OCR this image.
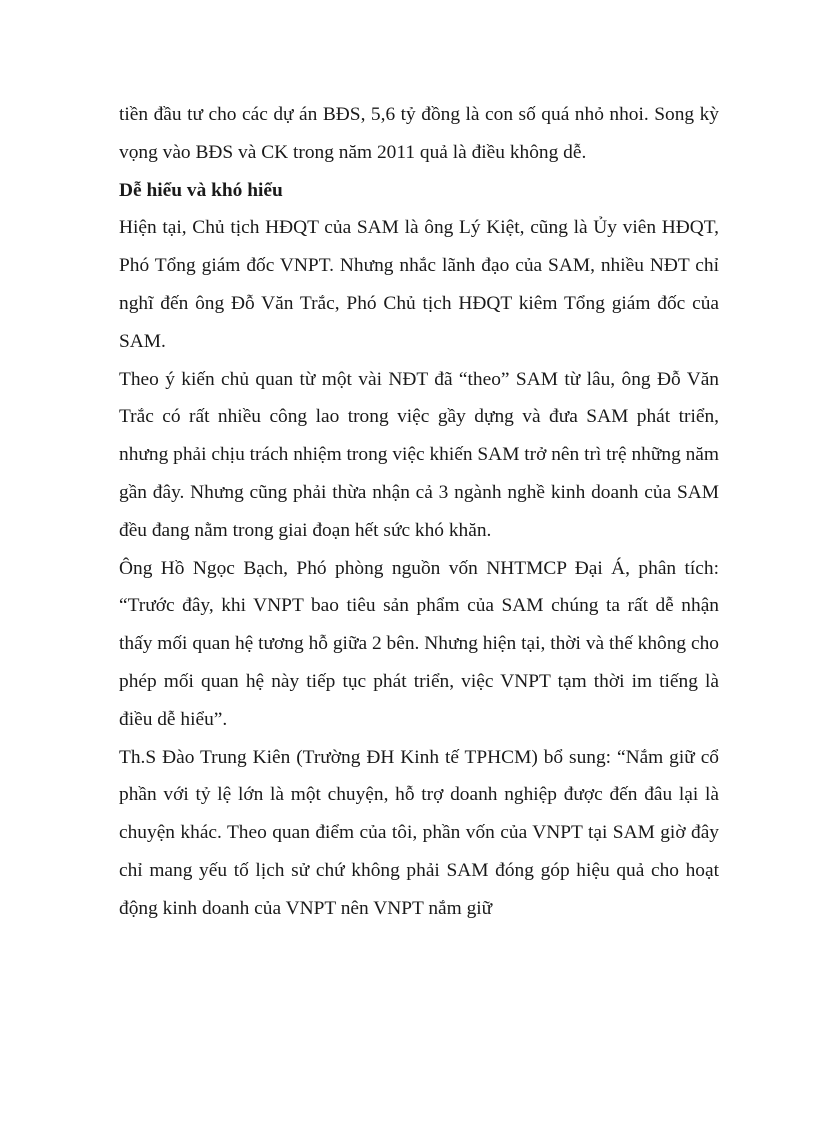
tiền đầu tư cho các dự án BĐS, 5,6 tỷ đồng là con số quá nhỏ nhoi. Song kỳ vọng vào BĐS và CK trong năm 2011 quả là điều không dễ.

Dễ hiểu và khó hiểu

Hiện tại, Chủ tịch HĐQT của SAM là ông Lý Kiệt, cũng là Ủy viên HĐQT, Phó Tổng giám đốc VNPT. Nhưng nhắc lãnh đạo của SAM, nhiều NĐT chỉ nghĩ đến ông Đỗ Văn Trắc, Phó Chủ tịch HĐQT kiêm Tổng giám đốc của SAM.

Theo ý kiến chủ quan từ một vài NĐT đã “theo” SAM từ lâu, ông Đỗ Văn Trắc có rất nhiều công lao trong việc gầy dựng và đưa SAM phát triển, nhưng phải chịu trách nhiệm trong việc khiến SAM trở nên trì trệ những năm gần đây. Nhưng cũng phải thừa nhận cả 3 ngành nghề kinh doanh của SAM đều đang nằm trong giai đoạn hết sức khó khăn.

Ông Hồ Ngọc Bạch, Phó phòng nguồn vốn NHTMCP Đại Á, phân tích: “Trước đây, khi VNPT bao tiêu sản phẩm của SAM chúng ta rất dễ nhận thấy mối quan hệ tương hỗ giữa 2 bên. Nhưng hiện tại, thời và thế không cho phép mối quan hệ này tiếp tục phát triển, việc VNPT tạm thời im tiếng là điều dễ hiểu”.

Th.S Đào Trung Kiên (Trường ĐH Kinh tế TPHCM) bổ sung: “Nắm giữ cổ phần với tỷ lệ lớn là một chuyện, hỗ trợ doanh nghiệp được đến đâu lại là chuyện khác. Theo quan điểm của tôi, phần vốn của VNPT tại SAM giờ đây chỉ mang yếu tố lịch sử chứ không phải SAM đóng góp hiệu quả cho hoạt động kinh doanh của VNPT nên VNPT nắm giữ
